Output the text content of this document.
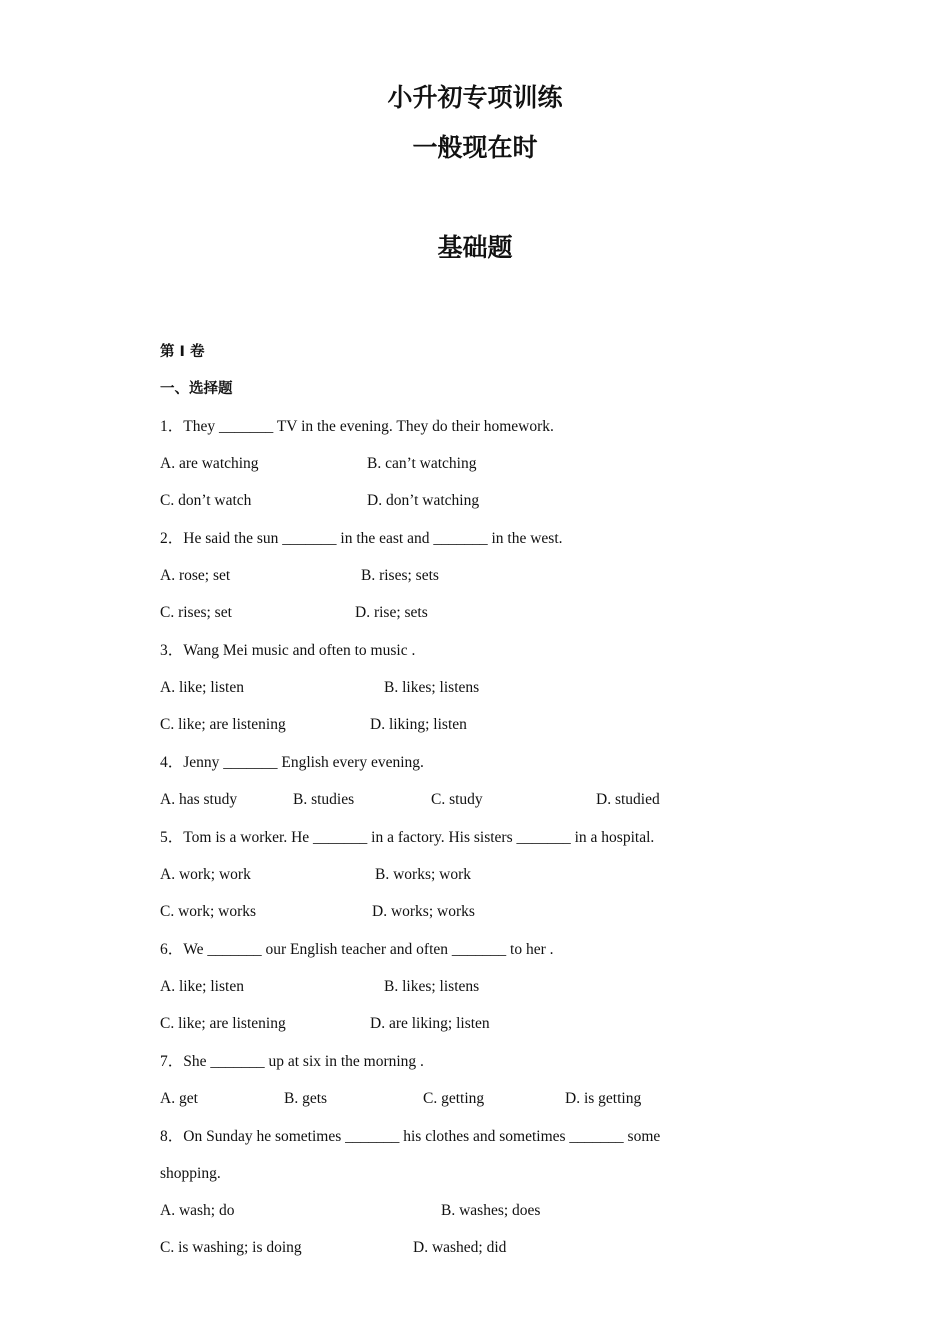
小升初专项训练
一般现在时
基础题
第 I 卷
一、选择题
1．They _______ TV in the evening. They do their homework.
A. are watching	B. can’t watching
C. don’t watch	D. don’t watching
2．He said the sun _______ in the east and _______ in the west.
A. rose; set	B. rises; sets
C. rises; set	D. rise; sets
3．Wang Mei music and often to music .
A. like; listen	B. likes; listens
C. like; are listening	D. liking; listen
4．Jenny _______ English every evening.
A. has study	B. studies	C. study	D. studied
5．Tom is a worker. He _______ in a factory. His sisters _______ in a hospital.
A. work; work	B. works; work
C. work; works	D. works; works
6．We _______ our English teacher and often _______ to her .
A. like; listen	B. likes; listens
C. like; are listening	D. are liking; listen
7．She _______ up at six in the morning .
A. get	B. gets	C. getting	D. is getting
8．On Sunday he sometimes _______ his clothes and sometimes _______ some
shopping.
A. wash; do	B. washes; does
C. is washing; is doing	D. washed; did
